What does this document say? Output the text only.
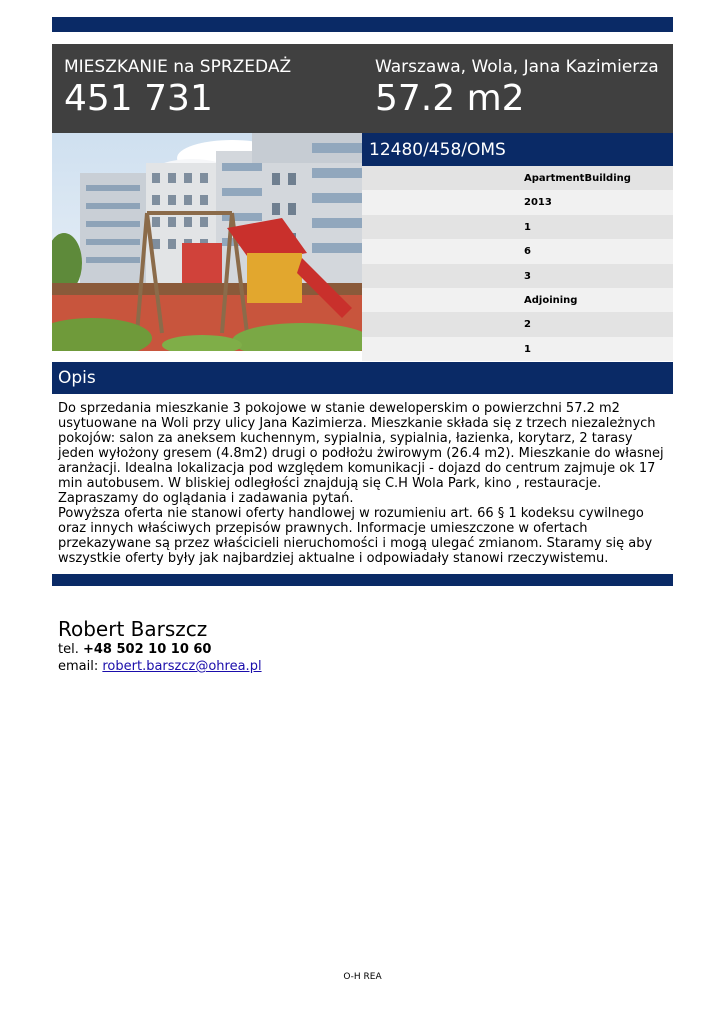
MIESZKANIE na SPRZEDAŻ
451 731
Warszawa, Wola, Jana Kazimierza
57.2 m2
12480/458/OMS
ApartmentBuilding
2013
1
6
3
Adjoining
2
1
Opis

Do sprzedania mieszkanie 3 pokojowe w stanie deweloperskim o powierzchni 57.2 m2 usytuowane na Woli przy ulicy Jana Kazimierza. Mieszkanie składa się z trzech niezależnych pokojów: salon za aneksem kuchennym, sypialnia, sypialnia, łazienka, korytarz, 2 tarasy jeden wyłożony gresem (4.8m2) drugi o podłożu żwirowym (26.4 m2). Mieszkanie do własnej aranżacji. Idealna lokalizacja pod względem komunikacji - dojazd do centrum zajmuje ok 17 min autobusem. W bliskiej odległości znajdują się C.H Wola Park, kino , restauracje. Zapraszamy do oglądania i zadawania pytań.

Powyższa oferta nie stanowi oferty handlowej w rozumieniu art. 66 § 1 kodeksu cywilnego oraz innych właściwych przepisów prawnych. Informacje umieszczone w ofertach przekazywane są przez właścicieli nieruchomości i mogą ulegać zmianom. Staramy się aby wszystkie oferty były jak najbardziej aktualne i odpowiadały stanowi rzeczywistemu.

Robert Barszcz
tel. +48 502 10 10 60
email: robert.barszcz@ohrea.pl
O-H REA
